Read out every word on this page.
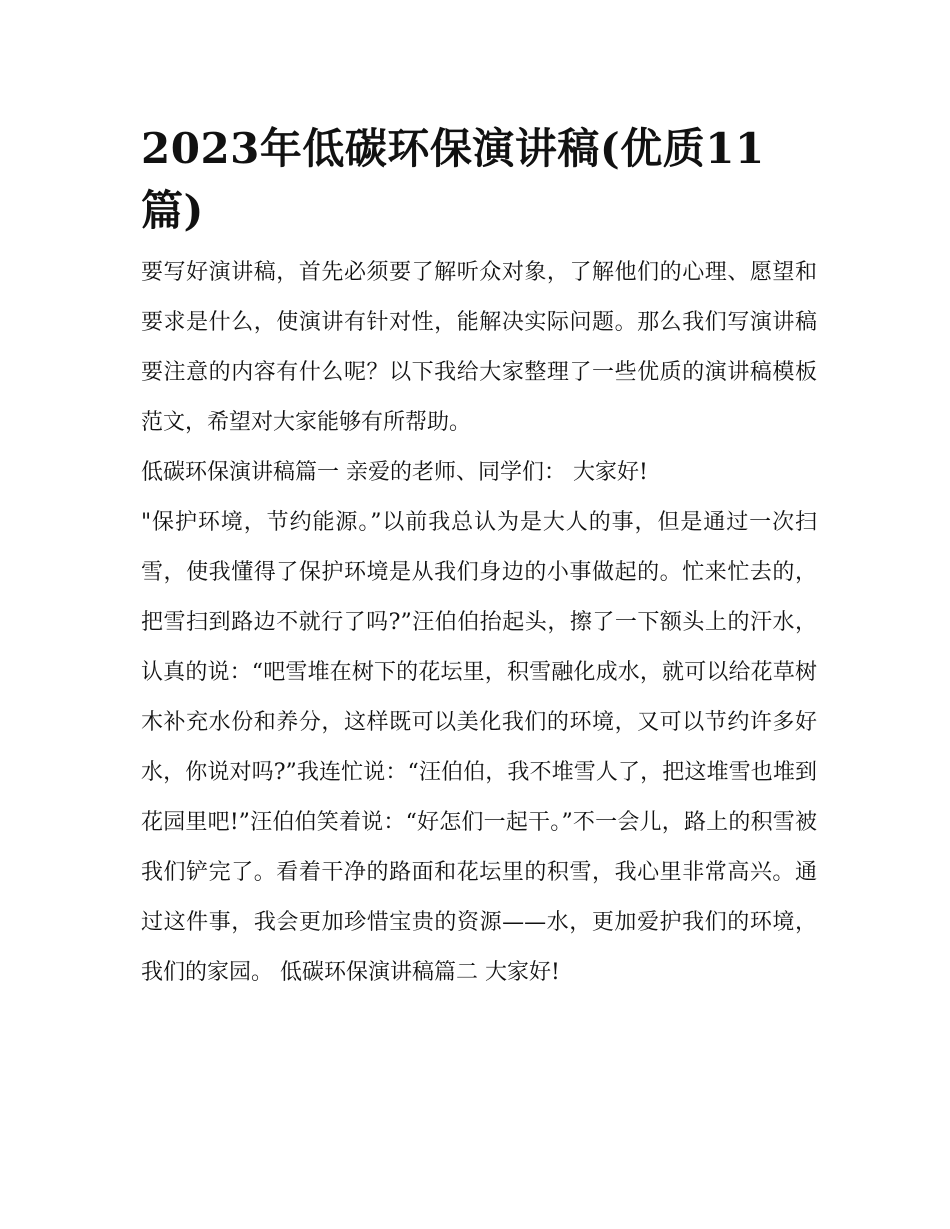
2023年低碳环保演讲稿(优质11篇)

要写好演讲稿，首先必须要了解听众对象，了解他们的心理、愿望和要求是什么，使演讲有针对性，能解决实际问题。那么我们写演讲稿要注意的内容有什么呢？以下我给大家整理了一些优质的演讲稿模板范文，希望对大家能够有所帮助。

低碳环保演讲稿篇一 亲爱的老师、同学们： 大家好!

"保护环境，节约能源。”以前我总认为是大人的事，但是通过一次扫雪，使我懂得了保护环境是从我们身边的小事做起的。忙来忙去的，把雪扫到路边不就行了吗?”汪伯伯抬起头，擦了一下额头上的汗水，认真的说：“吧雪堆在树下的花坛里，积雪融化成水，就可以给花草树木补充水份和养分，这样既可以美化我们的环境，又可以节约许多好水，你说对吗?”我连忙说：“汪伯伯，我不堆雪人了，把这堆雪也堆到花园里吧!”汪伯伯笑着说：“好怎们一起干。”不一会儿，路上的积雪被我们铲完了。看着干净的路面和花坛里的积雪，我心里非常高兴。通过这件事，我会更加珍惜宝贵的资源——水，更加爱护我们的环境，我们的家园。 低碳环保演讲稿篇二 大家好!
